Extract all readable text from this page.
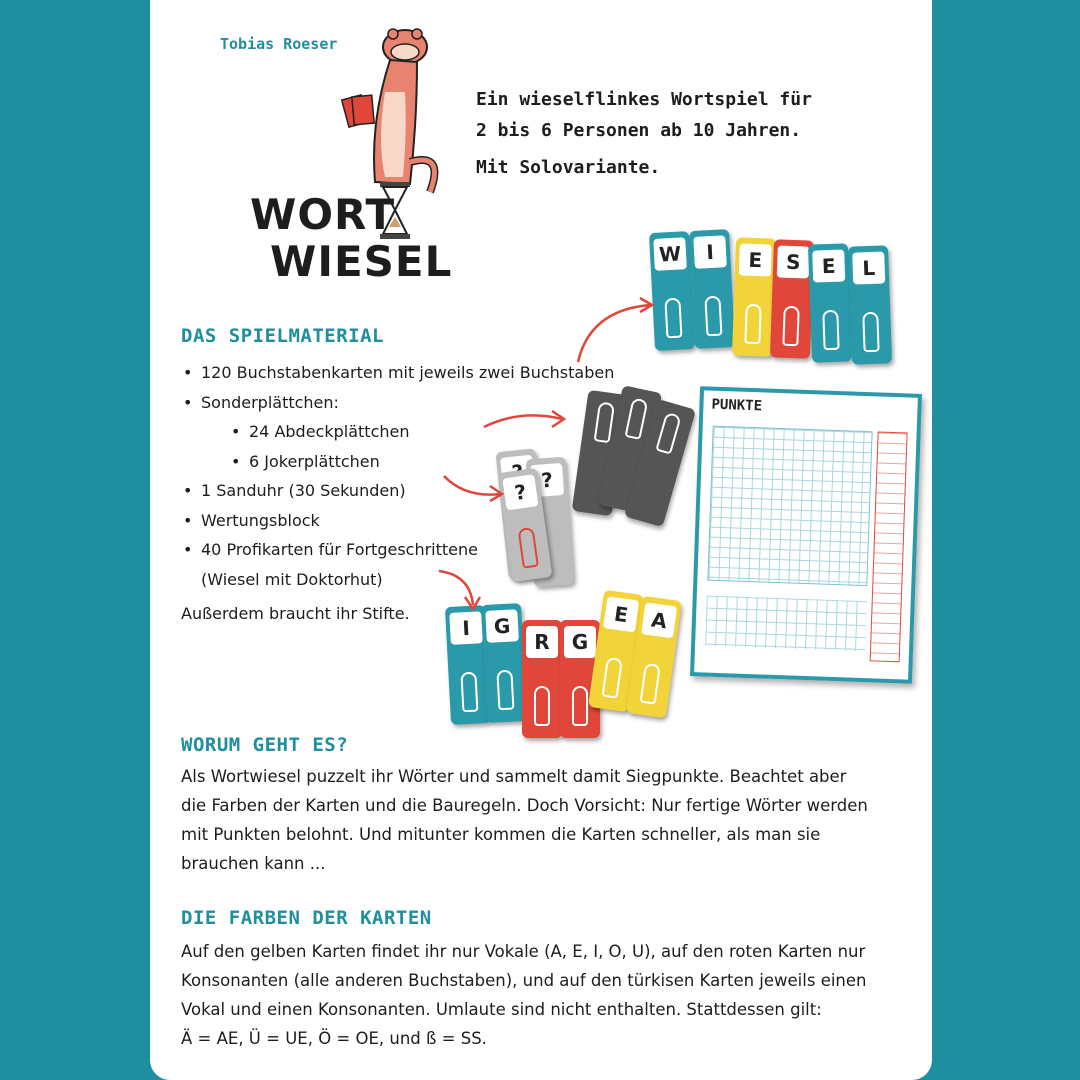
Tobias Roeser
WORT
WIESEL
Ein wieselflinkes Wortspiel für
2 bis 6 Personen ab 10 Jahren.
Mit Solovariante.
DAS SPIELMATERIAL
• 120 Buchstabenkarten mit jeweils zwei Buchstaben
• Sonderplättchen:
• 24 Abdeckplättchen
• 6 Jokerplättchen
• 1 Sanduhr (30 Sekunden)
• Wertungsblock
• 40 Profikarten für Fortgeschrittene
(Wiesel mit Doktorhut)
Außerdem braucht ihr Stifte.
W	I	E	S	E	L
?
?
I	G
R	G
E	A
PUNKTE
WORUM GEHT ES?
Als Wortwiesel puzzelt ihr Wörter und sammelt damit Siegpunkte. Beachtet aber
die Farben der Karten und die Bauregeln. Doch Vorsicht: Nur fertige Wörter werden
mit Punkten belohnt. Und mitunter kommen die Karten schneller, als man sie
brauchen kann ...
DIE FARBEN DER KARTEN
Auf den gelben Karten findet ihr nur Vokale (A, E, I, O, U), auf den roten Karten nur
Konsonanten (alle anderen Buchstaben), und auf den türkisen Karten jeweils einen
Vokal und einen Konsonanten. Umlaute sind nicht enthalten. Stattdessen gilt:
Ä = AE, Ü = UE, Ö = OE, und ß = SS.
